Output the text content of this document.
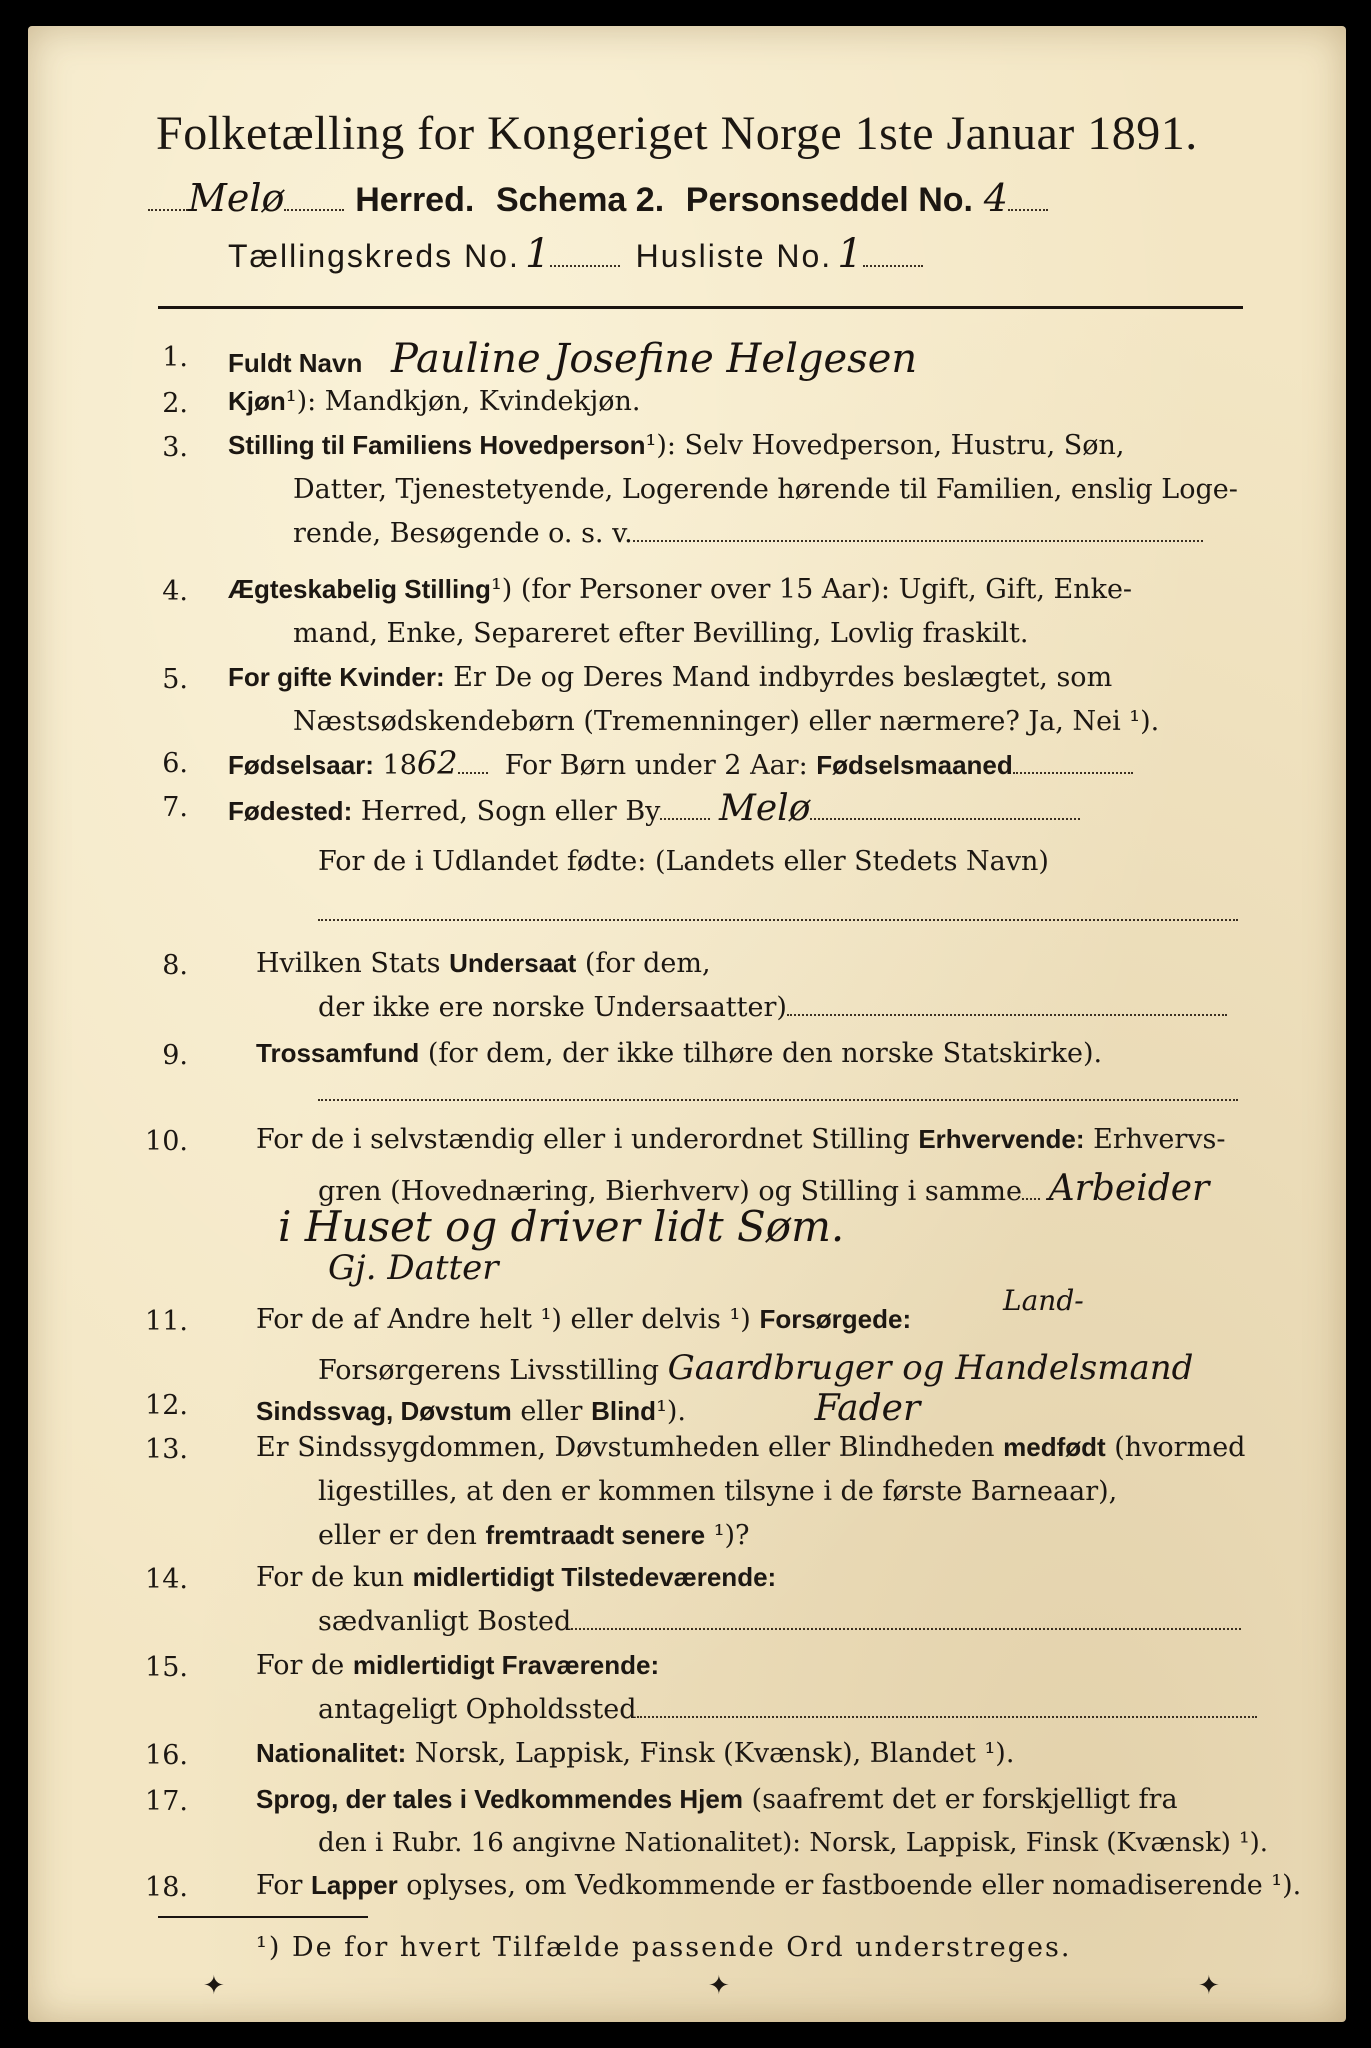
Folketælling for Kongeriget Norge 1ste Januar 1891.
Melø Herred. Schema 2. Personseddel No. 4
Tællingskreds No. 1	Husliste No. 1
1. Fuldt Navn Pauline Josefine Helgesen
2. Kjøn¹): Mandkjøn, Kvindekjøn.
3. Stilling til Familiens Hovedperson¹): Selv Hovedperson, Hustru, Søn,
Datter, Tjenestetyende, Logerende hørende til Familien, enslig Loge-
rende, Besøgende o. s. v.
4. Ægteskabelig Stilling¹) (for Personer over 15 Aar): Ugift, Gift, Enke-
mand, Enke, Separeret efter Bevilling, Lovlig fraskilt.
5. For gifte Kvinder: Er De og Deres Mand indbyrdes beslægtet, som
Næstsødskendebørn (Tremenninger) eller nærmere? Ja, Nei ¹).
6. Fødselsaar: 1862 For Børn under 2 Aar: Fødselsmaaned
7. Fødested: Herred, Sogn eller By Melø
For de i Udlandet fødte: (Landets eller Stedets Navn)
8.	Hvilken Stats Undersaat (for dem,
der ikke ere norske Undersaatter)
9.	Trossamfund (for dem, der ikke tilhøre den norske Statskirke).
10.	For de i selvstændig eller i underordnet Stilling Erhvervende: Erhvervs-
gren (Hovednæring, Bierhverv) og Stilling i samme Arbeider
i Huset og driver lidt Søm.
Gj. Datter
11.	For de af Andre helt ¹) eller delvis ¹) Forsørgede:
Land-
Forsørgerens Livsstilling Gaardbruger og Handelsmand
12.	Sindssvag, Døvstum eller Blind¹).	Fader
13.	Er Sindssygdommen, Døvstumheden eller Blindheden medfødt (hvormed
ligestilles, at den er kommen tilsyne i de første Barneaar),
eller er den fremtraadt senere ¹)?
14.	For de kun midlertidigt Tilstedeværende:
sædvanligt Bosted
15.	For de midlertidigt Fraværende:
antageligt Opholdssted
16.	Nationalitet: Norsk, Lappisk, Finsk (Kvænsk), Blandet ¹).
17.	Sprog, der tales i Vedkommendes Hjem (saafremt det er forskjelligt fra
den i Rubr. 16 angivne Nationalitet): Norsk, Lappisk, Finsk (Kvænsk) ¹).
18.	For Lapper oplyses, om Vedkommende er fastboende eller nomadiserende ¹).
¹) De for hvert Tilfælde passende Ord understreges.
✦	✦	✦
